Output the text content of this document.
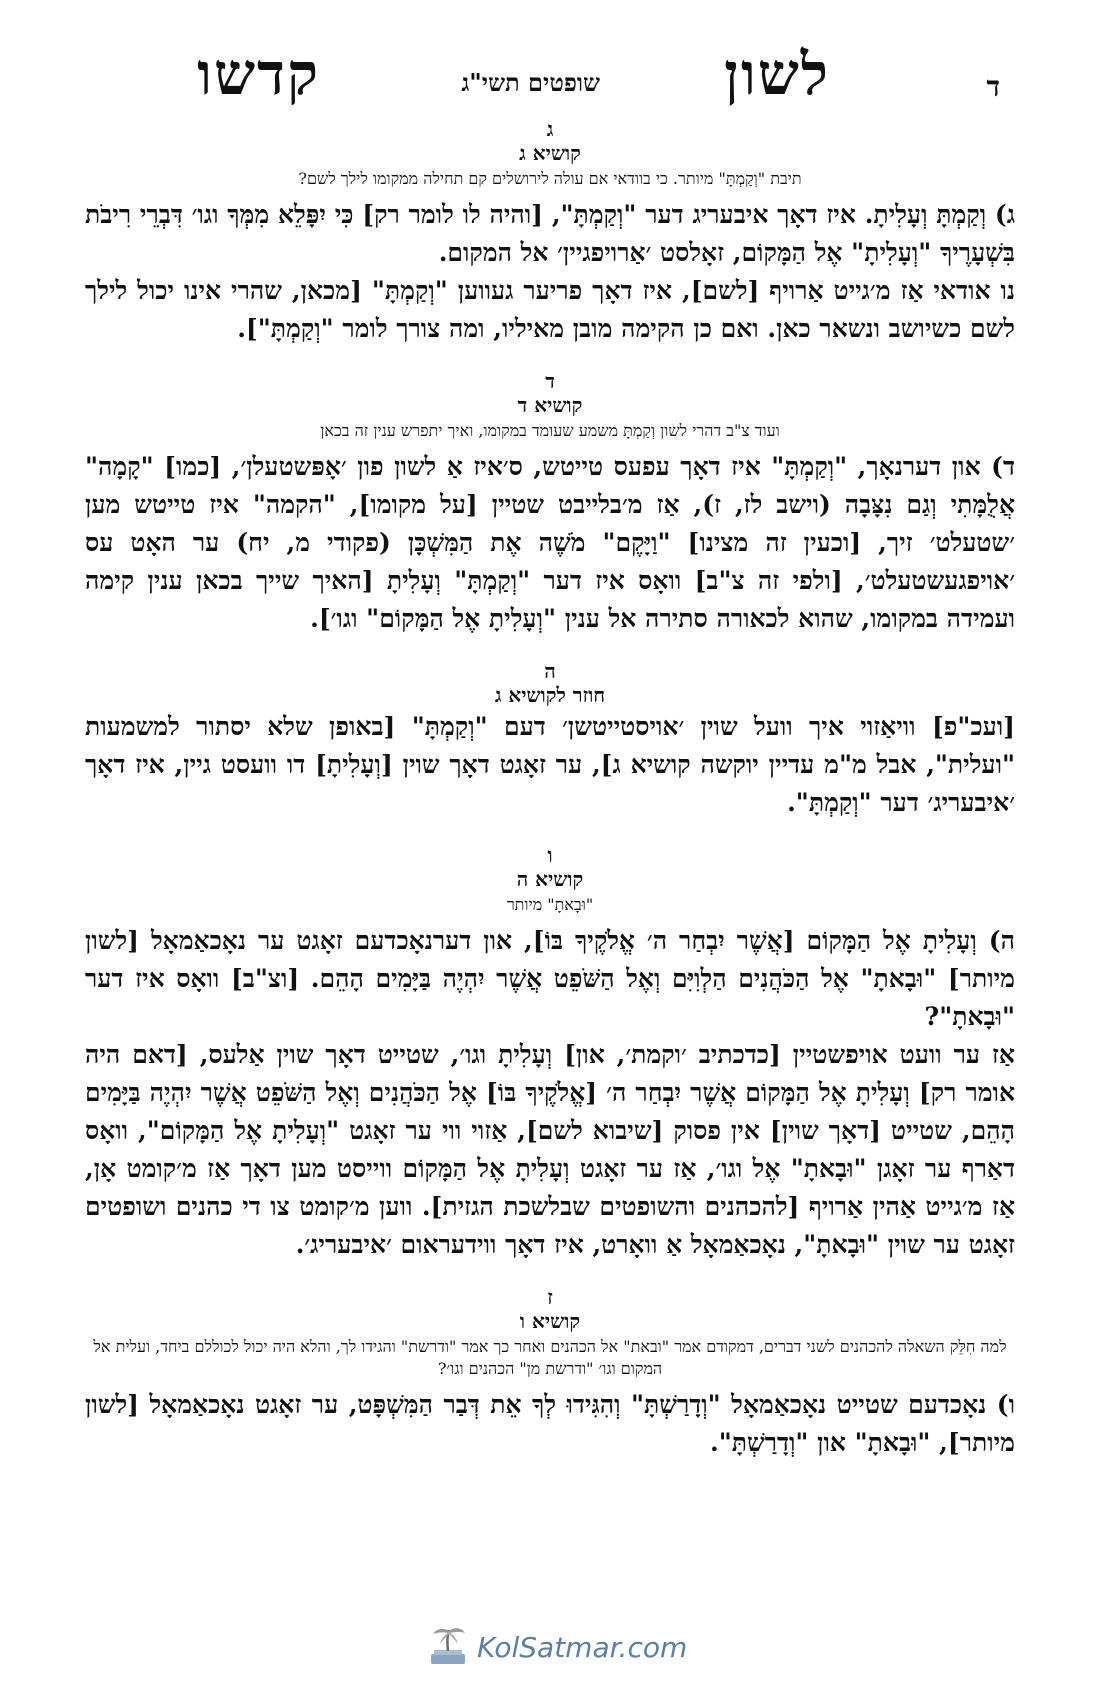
ד
לשון
שופטים תשי"ג
קדשו

ג

קושיא ג

תיבת "וְקַמְתָּ" מיותר. כי בוודאי אם עולה לירושלים קם תחילה ממקומו לילך לשם?

ג) וְקַמְתָּ וְעָלִיתָ. איז דאָך איבעריג דער "וְקַמְתָּ", [והיה לו לומר רק] כִּי יִפָּלֵא מִמְּךָ וגו׳ דִּבְרֵי רִיבֹת בִּשְׁעָרֶיךָ "וְעָלִיתָ" אֶל הַמָּקוֹם, זאָלסט ׳אַרויפגיין׳ אל המקום.

נו אודאי אַז מ׳גייט אַרויף [לשם], איז דאָך פריער געווען "וְקַמְתָּ" [מכאן, שהרי אינו יכול לילך לשם כשיושב ונשאר כאן. ואם כן הקימה מובן מאיליו, ומה צורך לומר "וְקַמְתָּ"].

ד

קושיא ד

ועוד צ"ב דהרי לשון וְקַמְתָּ משמע שעומד במקומו, ואיך יתפרש ענין זה בכאן

ד) און דערנאָך, "וְקַמְתָּ" איז דאָך עפעס טייטש, ס׳איז אַ לשון פון ׳אָפּשטעלן׳, [כמו] "קָמָה" אֲלֻמָּתִי וְגַם נִצָּבָה (וישב לז, ז), אַז מ׳בלייבט שטיין [על מקומו], "הקמה" איז טייטש מען ׳שטעלט׳ זיך, [וכעין זה מצינו] "וַיָּקֶם" מֹשֶׁה אֶת הַמִּשְׁכָּן (פקודי מ, יח) ער האָט עס ׳אויפגעשטעלט׳, [ולפי זה צ"ב] וואָס איז דער "וְקַמְתָּ" וְעָלִיתָ [האיך שייך בכאן ענין קימה ועמידה במקומו, שהוא לכאורה סתירה אל ענין "וְעָלִיתָ אֶל הַמָּקוֹם" וגו׳].

ה

חוזר לקושיא ג

[ועכ"פ] וויאַזוי איך וועל שוין ׳אויסטייטשן׳ דעם "וְקַמְתָּ" [באופן שלא יסתור למשמעות "ועלית", אבל מ"מ עדיין יוקשה קושיא ג], ער זאָגט דאָך שוין [וְעָלִיתָ] דו וועסט גיין, איז דאָך ׳איבעריג׳ דער "וְקַמְתָּ".

ו

קושיא ה

"וּבָאתָ" מיותר

ה) וְעָלִיתָ אֶל הַמָּקוֹם [אֲשֶׁר יִבְחַר ה׳ אֱלֹקֶיךָ בּוֹ], און דערנאָכדעם זאָגט ער נאָכאַמאָל [לשון מיותר] "וּבָאתָ" אֶל הַכֹּהֲנִים הַלְוִיִּם וְאֶל הַשֹּׁפֵט אֲשֶׁר יִהְיֶה בַּיָּמִים הָהֵם. [וצ"ב] וואָס איז דער "וּבָאתָ"?

אַז ער וועט אויפשטיין [כדכתיב ׳וקמת׳, און] וְעָלִיתָ וגו׳, שטייט דאָך שוין אַלעס, [דאם היה אומר רק] וְעָלִיתָ אֶל הַמָּקוֹם אֲשֶׁר יִבְחַר ה׳ [אֱלֹקֶיךָ בּוֹ] אֶל הַכֹּהֲנִים וְאֶל הַשֹּׁפֵט אֲשֶׁר יִהְיֶה בַּיָּמִים הָהֵם, שטייט [דאָך שוין] אין פסוק [שיבוא לשם], אַזוי ווי ער זאָגט "וְעָלִיתָ אֶל הַמָּקוֹם", וואָס דאַרף ער זאָגן "וּבָאתָ" אֶל וגו׳, אַז ער זאָגט וְעָלִיתָ אֶל הַמָּקוֹם ווייסט מען דאָך אַז מ׳קומט אָן, אַז מ׳גייט אַהין אַרויף [להכהנים והשופטים שבלשכת הגזית]. ווען מ׳קומט צו די כהנים ושופטים זאָגט ער שוין "וּבָאתָ", נאָכאַמאָל אַ וואָרט, איז דאָך ווידעראום ׳איבעריג׳.

ז

קושיא ו

למה חִלֵּק השאלה להכהנים לשני דברים, דמקודם אמר "ובאת" אל הכהנים ואחר כך אמר "ודרשת" והגידו לך, והלא היה יכול לכוללם ביחד, ועלית אל המקום וגו׳ "ודרשת מן" הכהנים וגו׳?

ו) נאָכדעם שטייט נאָכאַמאָל "וְדָרַשְׁתָּ" וְהִגִּידוּ לְךָ אֵת דְּבַר הַמִּשְׁפָּט, ער זאָגט נאָכאַמאָל [לשון מיותר], "וּבָאתָ" און "וְדָרַשְׁתָּ".

KolSatmar.com
